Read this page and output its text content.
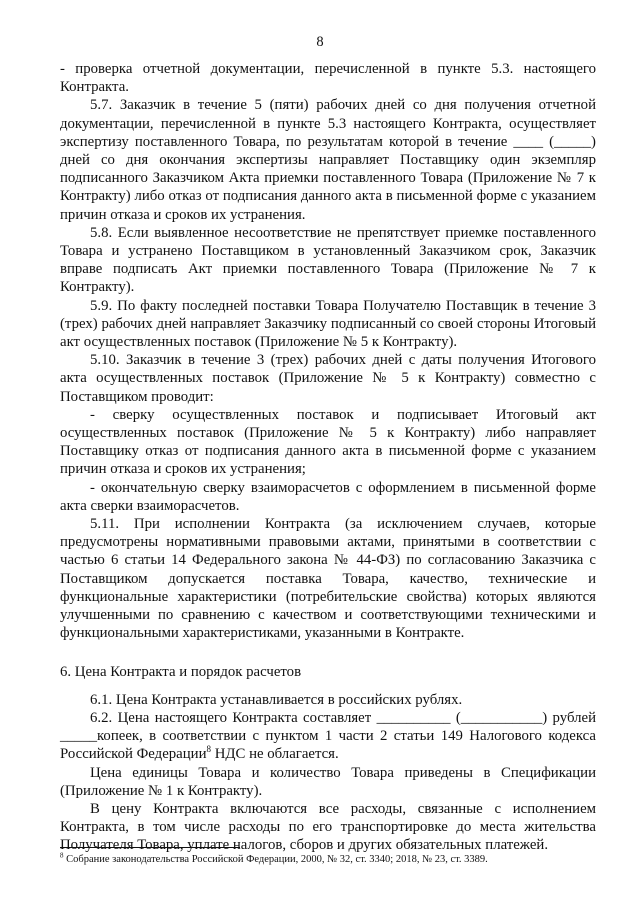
8

- проверка отчетной документации, перечисленной в пункте 5.3. настоящего Контракта.

5.7. Заказчик в течение 5 (пяти) рабочих дней со дня получения отчетной документации, перечисленной в пункте 5.3 настоящего Контракта, осуществляет экспертизу поставленного Товара, по результатам которой в течение ____ (_____) дней со дня окончания экспертизы направляет Поставщику один экземпляр подписанного Заказчиком Акта приемки поставленного Товара (Приложение № 7 к Контракту) либо отказ от подписания данного акта в письменной форме с указанием причин отказа и сроков их устранения.

5.8. Если выявленное несоответствие не препятствует приемке поставленного Товара и устранено Поставщиком в установленный Заказчиком срок, Заказчик вправе подписать Акт приемки поставленного Товара (Приложение № 7 к Контракту).

5.9. По факту последней поставки Товара Получателю Поставщик в течение 3 (трех) рабочих дней направляет Заказчику подписанный со своей стороны Итоговый акт осуществленных поставок (Приложение № 5 к Контракту).

5.10. Заказчик в течение 3 (трех) рабочих дней с даты получения Итогового акта осуществленных поставок (Приложение № 5 к Контракту) совместно с Поставщиком проводит:

- сверку осуществленных поставок и подписывает Итоговый акт осуществленных поставок (Приложение № 5 к Контракту) либо направляет Поставщику отказ от подписания данного акта в письменной форме с указанием причин отказа и сроков их устранения;

- окончательную сверку взаиморасчетов с оформлением в письменной форме акта сверки взаиморасчетов.

5.11. При исполнении Контракта (за исключением случаев, которые предусмотрены нормативными правовыми актами, принятыми в соответствии с частью 6 статьи 14 Федерального закона № 44-ФЗ) по согласованию Заказчика с Поставщиком допускается поставка Товара, качество, технические и функциональные характеристики (потребительские свойства) которых являются улучшенными по сравнению с качеством и соответствующими техническими и функциональными характеристиками, указанными в Контракте.

6. Цена Контракта и порядок расчетов

6.1. Цена Контракта устанавливается в российских рублях.

6.2. Цена настоящего Контракта составляет __________ (___________) рублей _____копеек, в соответствии с пунктом 1 части 2 статьи 149 Налогового кодекса Российской Федерации$^8$ НДС не облагается.

Цена единицы Товара и количество Товара приведены в Спецификации (Приложение № 1 к Контракту).

В цену Контракта включаются все расходы, связанные с исполнением Контракта, в том числе расходы по его транспортировке до места жительства Получателя Товара, уплате налогов, сборов и других обязательных платежей.

$^8$ Собрание законодательства Российской Федерации, 2000, № 32, ст. 3340; 2018, № 23, ст. 3389.
